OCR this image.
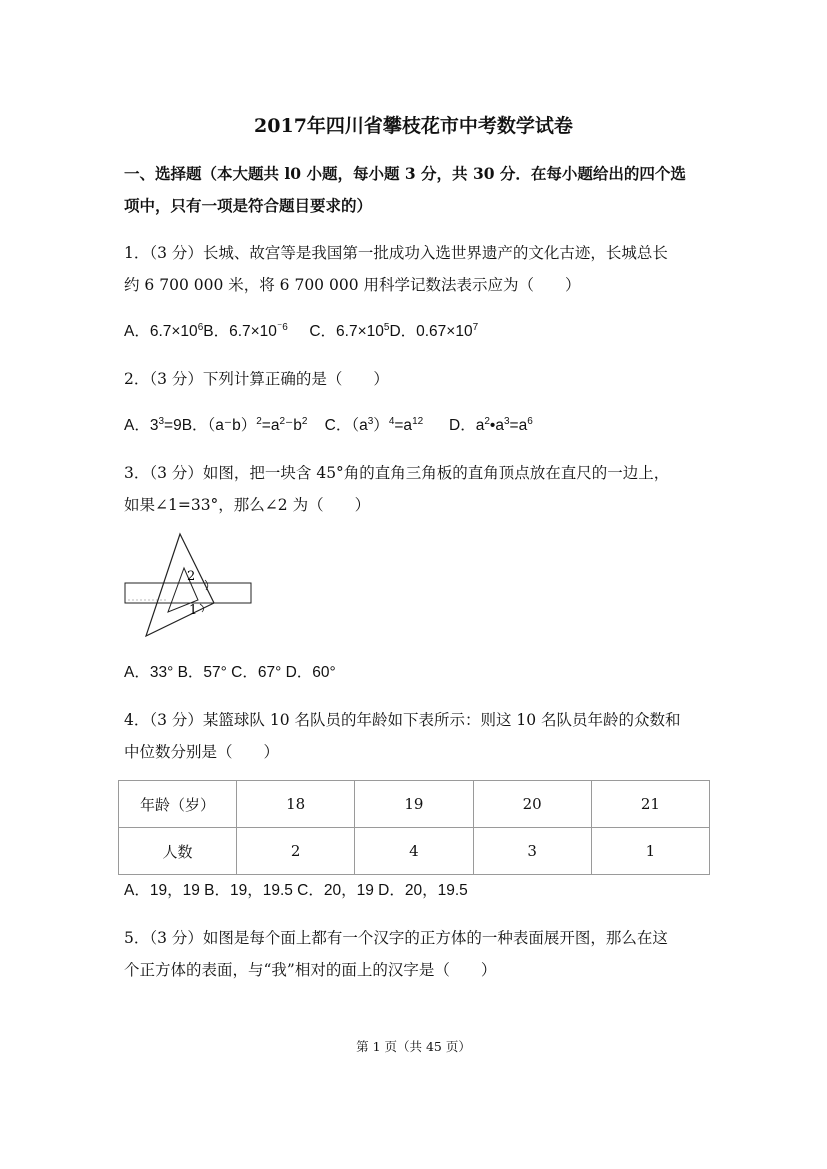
2017年四川省攀枝花市中考数学试卷
一、选择题（本大题共 l0 小题，每小题 3 分，共 30 分．在每小题给出的四个选
项中，只有一项是符合题目要求的）
1．（3 分）长城、故宫等是我国第一批成功入选世界遗产的文化古迹，长城总长
约 6 700 000 米，将 6 700 000 用科学记数法表示应为（　　）
A．$6.7\times 10^6B$．$6.7\times 10^{^-6}$ C．$6.7\times 10^5D$．$0.67\times 10^7$
2．（3 分）下列计算正确的是（　　）
A．$3^3=9B$．$(a^-b)^2=a^2^-b^2$ C．$(a^3)^4=a^{12}$ D．$a^2•a^3=a^6$
3．（3 分）如图，把一块含 45°角的直角三角板的直角顶点放在直尺的一边上，
如果∠1=33°，那么∠2 为（　　）
2
1
A．33° B．57° C．67° D．60°
4．（3 分）某篮球队 10 名队员的年龄如下表所示：则这 10 名队员年龄的众数和
中位数分别是（　　）
年龄（岁）	18	19	20	21
人数	2	4	3	1
A．19，19 B．19，19.5 C．20，19 D．20，19.5
5．（3 分）如图是每个面上都有一个汉字的正方体的一种表面展开图，那么在这
个正方体的表面，与“我”相对的面上的汉字是（　　）
第 1 页（共 45 页）
